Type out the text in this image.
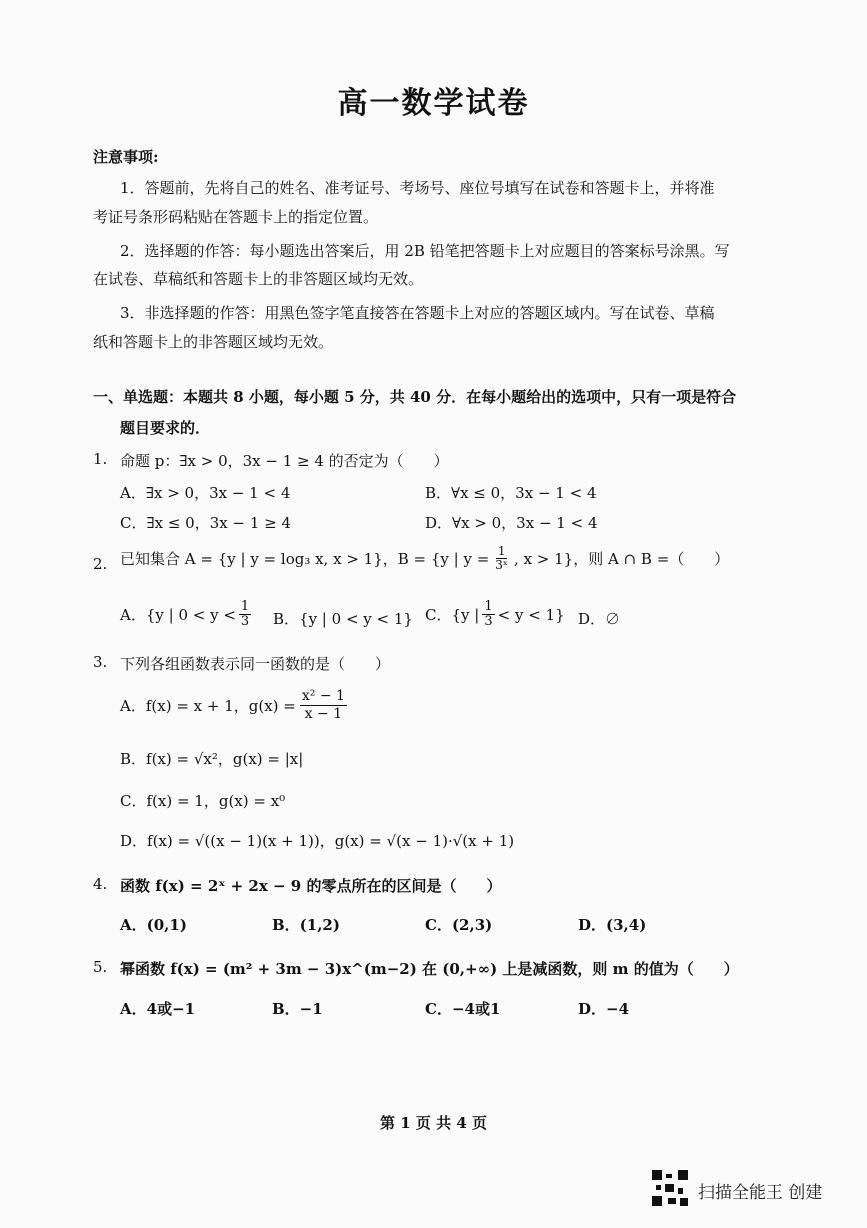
高一数学试卷
注意事项:
1．答题前，先将自己的姓名、准考证号、考场号、座位号填写在试卷和答题卡上，并将准
考证号条形码粘贴在答题卡上的指定位置。
2．选择题的作答：每小题选出答案后，用 2B 铅笔把答题卡上对应题目的答案标号涂黑。写
在试卷、草稿纸和答题卡上的非答题区域均无效。
3．非选择题的作答：用黑色签字笔直接答在答题卡上对应的答题区域内。写在试卷、草稿
纸和答题卡上的非答题区域均无效。
一、单选题：本题共 8 小题，每小题 5 分，共 40 分．在每小题给出的选项中，只有一项是符合
题目要求的．
1. 命题 p：∃x > 0，3x − 1 ≥ 4 的否定为（　　）
A．∃x > 0，3x − 1 < 4	B．∀x ≤ 0，3x − 1 < 4
C．∃x ≤ 0，3x − 1 ≥ 4	D．∀x > 0，3x − 1 < 4
2. 已知集合 A = {y | y = log₃ x, x > 1}，B = {y | $y = \frac{1}{\text{3ˣ}}$ , x > 1}，则 A ∩ B =（　　）
A．{y | $0 < y < \frac{1}{3}$ B．{y | 0 < y < 1} C．{y | $\frac{1}{3} < y < 1$} D．∅
3. 下列各组函数表示同一函数的是（　　）
A．f(x) = x + 1，$g(x) = \frac{\text{x² − 1}}{x - 1}$
B．f(x) = √x²，g(x) = |x|
C．f(x) = 1，g(x) = x⁰
D．f(x) = √((x − 1)(x + 1))，g(x) = √(x − 1)·√(x + 1)
4. 函数 f(x) = 2ˣ + 2x − 9 的零点所在的区间是（　　）
A．(0,1)	B．(1,2)	C．(2,3)	D．(3,4)
5. 幂函数 f(x) = (m² + 3m − 3)x^(m−2) 在 (0,+∞) 上是减函数，则 m 的值为（　　）
A．4或−1	B．−1	C．−4或1	D．−4
第 1 页 共 4 页
扫描全能王 创建
